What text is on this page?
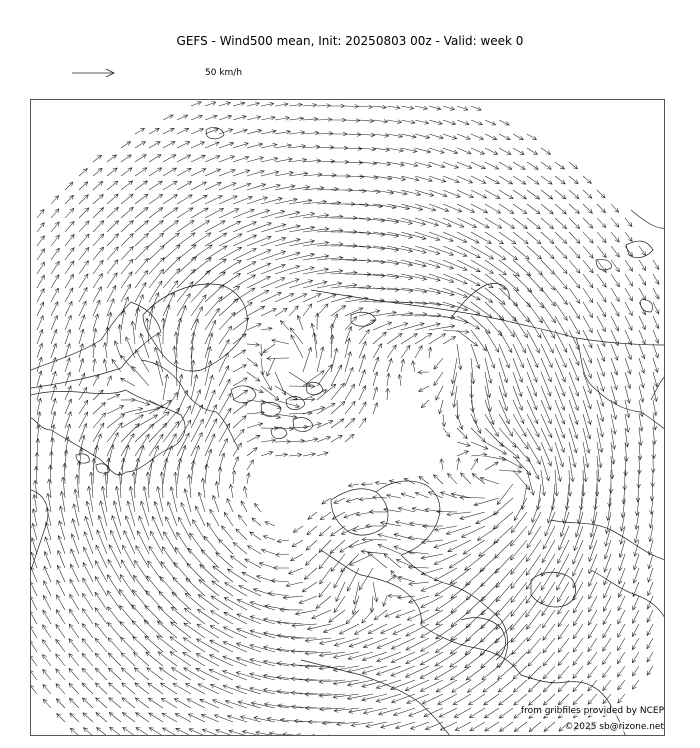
GEFS - Wind500 mean, Init: 20250803 00z - Valid: week 0
50 km/h
from gribfiles provided by NCEP
©2025 sb@rizone.net
